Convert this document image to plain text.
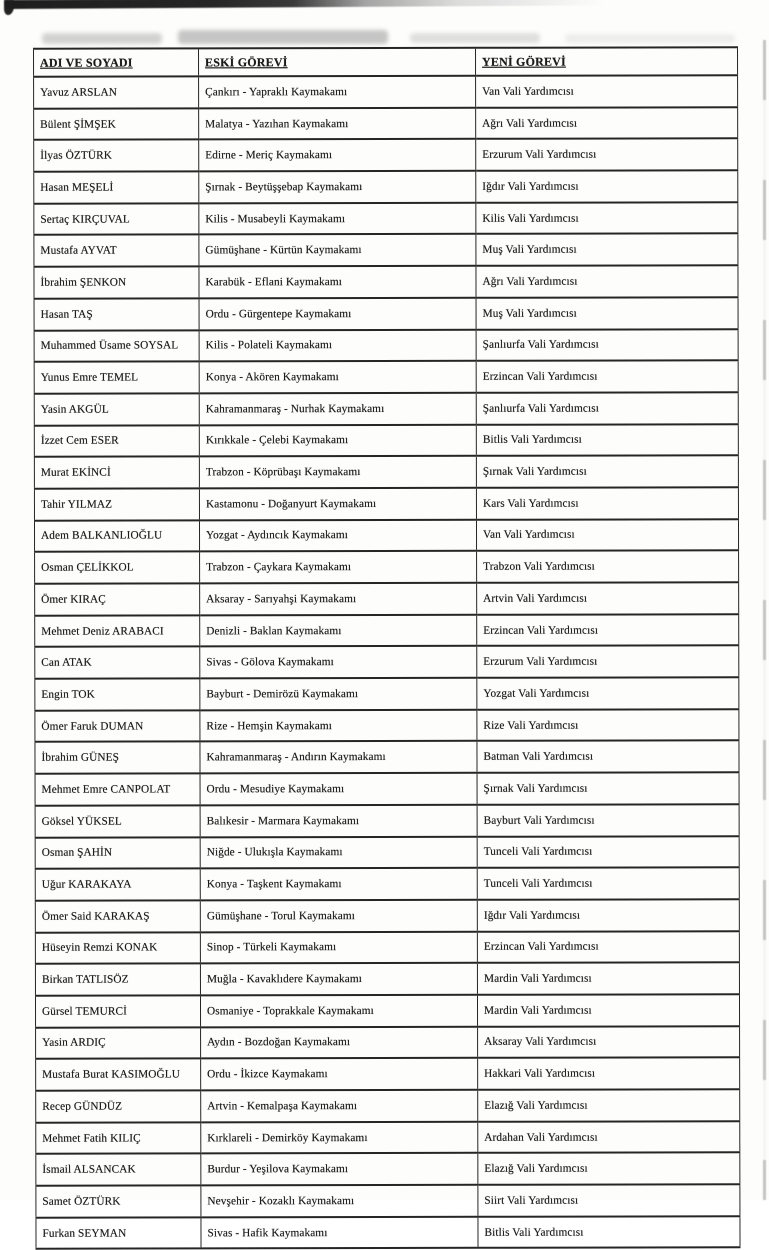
ADI VE SOYADI	ESKİ GÖREVİ	YENİ GÖREVİ
Yavuz ARSLAN	Çankırı - Yapraklı Kaymakamı	Van Vali Yardımcısı
Bülent ŞİMŞEK	Malatya - Yazıhan Kaymakamı	Ağrı Vali Yardımcısı
İlyas ÖZTÜRK	Edirne - Meriç Kaymakamı	Erzurum Vali Yardımcısı
Hasan MEŞELİ	Şırnak - Beytüşşebap Kaymakamı	Iğdır Vali Yardımcısı
Sertaç KIRÇUVAL	Kilis - Musabeyli Kaymakamı	Kilis Vali Yardımcısı
Mustafa AYVAT	Gümüşhane - Kürtün Kaymakamı	Muş Vali Yardımcısı
İbrahim ŞENKON	Karabük - Eflani Kaymakamı	Ağrı Vali Yardımcısı
Hasan TAŞ	Ordu - Gürgentepe Kaymakamı	Muş Vali Yardımcısı
Muhammed Üsame SOYSAL	Kilis - Polateli Kaymakamı	Şanlıurfa Vali Yardımcısı
Yunus Emre TEMEL	Konya - Akören Kaymakamı	Erzincan Vali Yardımcısı
Yasin AKGÜL	Kahramanmaraş - Nurhak Kaymakamı	Şanlıurfa Vali Yardımcısı
İzzet Cem ESER	Kırıkkale - Çelebi Kaymakamı	Bitlis Vali Yardımcısı
Murat EKİNCİ	Trabzon - Köprübaşı Kaymakamı	Şırnak Vali Yardımcısı
Tahir YILMAZ	Kastamonu - Doğanyurt Kaymakamı	Kars Vali Yardımcısı
Adem BALKANLIOĞLU	Yozgat - Aydıncık Kaymakamı	Van Vali Yardımcısı
Osman ÇELİKKOL	Trabzon - Çaykara Kaymakamı	Trabzon Vali Yardımcısı
Ömer KIRAÇ	Aksaray - Sarıyahşi Kaymakamı	Artvin Vali Yardımcısı
Mehmet Deniz ARABACI	Denizli - Baklan Kaymakamı	Erzincan Vali Yardımcısı
Can ATAK	Sivas - Gölova Kaymakamı	Erzurum Vali Yardımcısı
Engin TOK	Bayburt - Demirözü Kaymakamı	Yozgat Vali Yardımcısı
Ömer Faruk DUMAN	Rize - Hemşin Kaymakamı	Rize Vali Yardımcısı
İbrahim GÜNEŞ	Kahramanmaraş - Andırın Kaymakamı	Batman Vali Yardımcısı
Mehmet Emre CANPOLAT	Ordu - Mesudiye Kaymakamı	Şırnak Vali Yardımcısı
Göksel YÜKSEL	Balıkesir - Marmara Kaymakamı	Bayburt Vali Yardımcısı
Osman ŞAHİN	Niğde - Ulukışla Kaymakamı	Tunceli Vali Yardımcısı
Uğur KARAKAYA	Konya - Taşkent Kaymakamı	Tunceli Vali Yardımcısı
Ömer Said KARAKAŞ	Gümüşhane - Torul Kaymakamı	Iğdır Vali Yardımcısı
Hüseyin Remzi KONAK	Sinop - Türkeli Kaymakamı	Erzincan Vali Yardımcısı
Birkan TATLISÖZ	Muğla - Kavaklıdere Kaymakamı	Mardin Vali Yardımcısı
Gürsel TEMURCİ	Osmaniye - Toprakkale Kaymakamı	Mardin Vali Yardımcısı
Yasin ARDIÇ	Aydın - Bozdoğan Kaymakamı	Aksaray Vali Yardımcısı
Mustafa Burat KASIMOĞLU	Ordu - İkizce Kaymakamı	Hakkari Vali Yardımcısı
Recep GÜNDÜZ	Artvin - Kemalpaşa Kaymakamı	Elazığ Vali Yardımcısı
Mehmet Fatih KILIÇ	Kırklareli - Demirköy Kaymakamı	Ardahan Vali Yardımcısı
İsmail ALSANCAK	Burdur - Yeşilova Kaymakamı	Elazığ Vali Yardımcısı
Samet ÖZTÜRK	Nevşehir - Kozaklı Kaymakamı	Siirt Vali Yardımcısı
Furkan SEYMAN	Sivas - Hafik Kaymakamı	Bitlis Vali Yardımcısı
